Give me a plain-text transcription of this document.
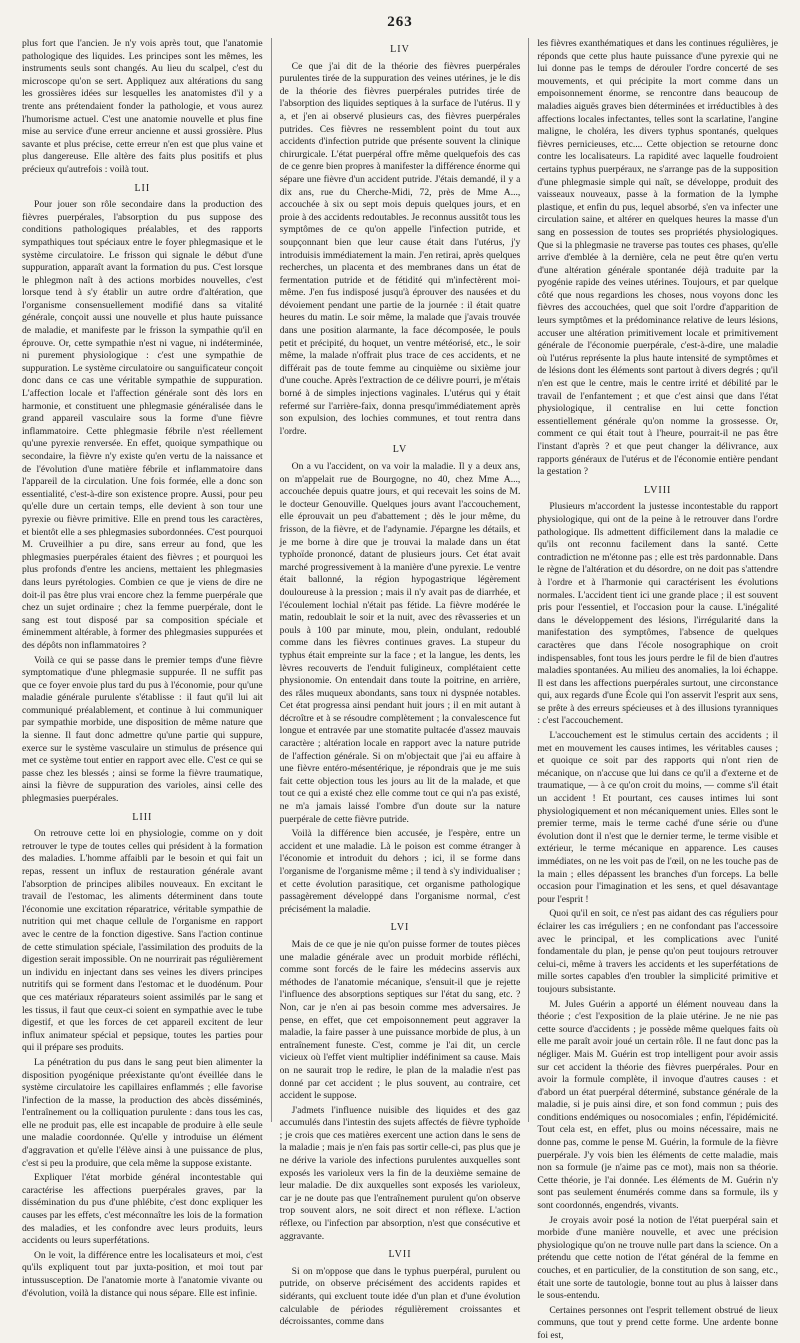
263

plus fort que l'ancien. Je n'y vois après tout, que l'anatomie pathologique des liquides. Les principes sont les mêmes, les instruments seuls sont changés. Au lieu du scalpel, c'est du microscope qu'on se sert. Appliquez aux altérations du sang les grossières idées sur lesquelles les anatomistes d'il y a trente ans prétendaient fonder la pathologie, et vous aurez l'humorisme actuel. C'est une anatomie nouvelle et plus fine mise au service d'une erreur ancienne et aussi grossière. Plus savante et plus précise, cette erreur n'en est que plus vaine et plus dangereuse. Elle altère des faits plus positifs et plus précieux qu'autrefois : voilà tout.

LII

Pour jouer son rôle secondaire dans la production des fièvres puerpérales, l'absorption du pus suppose des conditions pathologiques préalables, et des rapports sympathiques tout spéciaux entre le foyer phlegmasique et le système circulatoire. Le frisson qui signale le début d'une suppuration, apparaît avant la formation du pus. C'est lorsque le phlegmon naît à des actions morbides nouvelles, c'est lorsque tend à s'y établir un autre ordre d'altération, que l'organisme consensuellement modifié dans sa vitalité générale, conçoit aussi une nouvelle et plus haute puissance de maladie, et manifeste par le frisson la sympathie qu'il en éprouve. Or, cette sympathie n'est ni vague, ni indéterminée, ni purement physiologique : c'est une sympathie de suppuration. Le système circulatoire ou sanguificateur conçoit donc dans ce cas une véritable sympathie de suppuration. L'affection locale et l'affection générale sont dès lors en harmonie, et constituent une phlegmasie généralisée dans le grand appareil vasculaire sous la forme d'une fièvre inflammatoire. Cette phlegmasie fébrile n'est réellement qu'une pyrexie renversée. En effet, quoique sympathique ou secondaire, la fièvre n'y existe qu'en vertu de la naissance et de l'évolution d'une matière fébrile et inflammatoire dans l'appareil de la circulation. Une fois formée, elle a donc son essentialité, c'est-à-dire son existence propre. Aussi, pour peu qu'elle dure un certain temps, elle devient à son tour une pyrexie ou fièvre primitive. Elle en prend tous les caractères, et bientôt elle a ses phlegmasies subordonnées. C'est pourquoi M. Cruveilhier a pu dire, sans erreur au fond, que les phlegmasies puerpérales étaient des fièvres ; et pourquoi les plus profonds d'entre les anciens, mettaient les phlegmasies dans leurs pyrétologies. Combien ce que je viens de dire ne doit-il pas être plus vrai encore chez la femme puerpérale que chez un sujet ordinaire ; chez la femme puerpérale, dont le sang est tout disposé par sa composition spéciale et éminemment altérable, à former des phlegmasies suppurées et des dépôts non inflammatoires ?

Voilà ce qui se passe dans le premier temps d'une fièvre symptomatique d'une phlegmasie suppurée. Il ne suffit pas que ce foyer envoie plus tard du pus à l'économie, pour qu'une maladie générale purulente s'établisse : il faut qu'il lui ait communiqué préalablement, et continue à lui communiquer par sympathie morbide, une disposition de même nature que la sienne. Il faut donc admettre qu'une partie qui suppure, exerce sur le système vasculaire un stimulus de présence qui met ce système tout entier en rapport avec elle. C'est ce qui se passe chez les blessés ; ainsi se forme la fièvre traumatique, ainsi la fièvre de suppuration des varioles, ainsi celle des phlegmasies puerpérales.

LIII

On retrouve cette loi en physiologie, comme on y doit retrouver le type de toutes celles qui président à la formation des maladies. L'homme affaibli par le besoin et qui fait un repas, ressent un influx de restauration générale avant l'absorption de principes alibiles nouveaux. En excitant le travail de l'estomac, les aliments déterminent dans toute l'économie une excitation réparatrice, véritable sympathie de nutrition qui met chaque cellule de l'organisme en rapport avec le centre de la fonction digestive. Sans l'action continue de cette stimulation spéciale, l'assimilation des produits de la digestion serait impossible. On ne nourrirait pas régulièrement un individu en injectant dans ses veines les divers principes nutritifs qui se forment dans l'estomac et le duodénum. Pour que ces matériaux réparateurs soient assimilés par le sang et les tissus, il faut que ceux-ci soient en sympathie avec le tube digestif, et que les forces de cet appareil excitent de leur influx animateur spécial et pepsique, toutes les parties pour qui il prépare ses produits.

La pénétration du pus dans le sang peut bien alimenter la disposition pyogénique préexistante qu'ont éveillée dans le système circulatoire les capillaires enflammés ; elle favorise l'infection de la masse, la production des abcès disséminés, l'entraînement ou la colliquation purulente : dans tous les cas, elle ne produit pas, elle est incapable de produire à elle seule une maladie coordonnée. Qu'elle y introduise un élément d'aggravation et qu'elle l'élève ainsi à une puissance de plus, c'est si peu la produire, que cela même la suppose existante.

Expliquer l'état morbide général incontestable qui caractérise les affections puerpérales graves, par la dissémination du pus d'une phlébite, c'est donc expliquer les causes par les effets, c'est méconnaître les lois de la formation des maladies, et les confondre avec leurs produits, leurs accidents ou leurs superfétations.

On le voit, la différence entre les localisateurs et moi, c'est qu'ils expliquent tout par juxta-position, et moi tout par intussusception. De l'anatomie morte à l'anatomie vivante ou d'évolution, voilà la distance qui nous sépare. Elle est infinie.

LIV

Ce que j'ai dit de la théorie des fièvres puerpérales purulentes tirée de la suppuration des veines utérines, je le dis de la théorie des fièvres puerpérales putrides tirée de l'absorption des liquides septiques à la surface de l'utérus. Il y a, et j'en ai observé plusieurs cas, des fièvres puerpérales putrides. Ces fièvres ne ressemblent point du tout aux accidents d'infection putride que présente souvent la clinique chirurgicale. L'état puerpéral offre même quelquefois des cas de ce genre bien propres à manifester la différence énorme qui sépare une fièvre d'un accident putride. J'étais demandé, il y a dix ans, rue du Cherche-Midi, 72, près de Mme A..., accouchée à six ou sept mois depuis quelques jours, et en proie à des accidents redoutables. Je reconnus aussitôt tous les symptômes de ce qu'on appelle l'infection putride, et soupçonnant bien que leur cause était dans l'utérus, j'y introduisis immédiatement la main. J'en retirai, après quelques recherches, un placenta et des membranes dans un état de fermentation putride et de fétidité qui m'infectèrent moi-même. J'en fus indisposé jusqu'à éprouver des nausées et du dévoiement pendant une partie de la journée : il était quatre heures du matin. Le soir même, la malade que j'avais trouvée dans une position alarmante, la face décomposée, le pouls petit et précipité, du hoquet, un ventre météorisé, etc., le soir même, la malade n'offrait plus trace de ces accidents, et ne différait pas de toute femme au cinquième ou sixième jour d'une couche. Après l'extraction de ce délivre pourri, je m'étais borné à de simples injections vaginales. L'utérus qui y était refermé sur l'arrière-faix, donna presqu'immédiatement après son expulsion, des lochies communes, et tout rentra dans l'ordre.

LV

On a vu l'accident, on va voir la maladie. Il y a deux ans, on m'appelait rue de Bourgogne, no 40, chez Mme A..., accouchée depuis quatre jours, et qui recevait les soins de M. le docteur Genouville. Quelques jours avant l'accouchement, elle éprouvait un peu d'abattement ; dès le jour même, du frisson, de la fièvre, et de l'adynamie. J'épargne les détails, et je me borne à dire que je trouvai la malade dans un état typhoïde prononcé, datant de plusieurs jours. Cet état avait marché progressivement à la manière d'une pyrexie. Le ventre était ballonné, la région hypogastrique légèrement douloureuse à la pression ; mais il n'y avait pas de diarrhée, et l'écoulement lochial n'était pas fétide. La fièvre modérée le matin, redoublait le soir et la nuit, avec des rêvasseries et un pouls à 100 par minute, mou, plein, ondulant, redoublé comme dans les fièvres continues graves. La stupeur du typhus était empreinte sur la face ; et la langue, les dents, les lèvres recouverts de l'enduit fuligineux, complétaient cette physionomie. On entendait dans toute la poitrine, en arrière, des râles muqueux abondants, sans toux ni dyspnée notables. Cet état progressa ainsi pendant huit jours ; il en mit autant à décroître et à se résoudre complètement ; la convalescence fut longue et entravée par une stomatite pultacée d'assez mauvais caractère ; altération locale en rapport avec la nature putride de l'affection générale. Si on m'objectait que j'ai eu affaire à une fièvre entéro-mésentérique, je répondrais que je me suis fait cette objection tous les jours au lit de la malade, et que tout ce qui a existé chez elle comme tout ce qui n'a pas existé, ne m'a jamais laissé l'ombre d'un doute sur la nature puerpérale de cette fièvre putride.

Voilà la différence bien accusée, je l'espère, entre un accident et une maladie. Là le poison est comme étranger à l'économie et introduit du dehors ; ici, il se forme dans l'organisme de l'organisme même ; il tend à s'y individualiser ; et cette évolution parasitique, cet organisme pathologique passagèrement développé dans l'organisme normal, c'est précisément la maladie.

LVI

Mais de ce que je nie qu'on puisse former de toutes pièces une maladie générale avec un produit morbide réfléchi, comme sont forcés de le faire les médecins asservis aux méthodes de l'anatomie mécanique, s'ensuit-il que je rejette l'influence des absorptions septiques sur l'état du sang, etc. ? Non, car je n'en ai pas besoin comme mes adversaires. Je pense, en effet, que cet empoisonnement peut aggraver la maladie, la faire passer à une puissance morbide de plus, à un entraînement funeste. C'est, comme je l'ai dit, un cercle vicieux où l'effet vient multiplier indéfiniment sa cause. Mais on ne saurait trop le redire, le plan de la maladie n'est pas donné par cet accident ; le plus souvent, au contraire, cet accident le suppose.

J'admets l'influence nuisible des liquides et des gaz accumulés dans l'intestin des sujets affectés de fièvre typhoïde ; je crois que ces matières exercent une action dans le sens de la maladie ; mais je n'en fais pas sortir celle-ci, pas plus que je ne dérive la variole des infections purulentes auxquelles sont exposés les varioleux vers la fin de la deuxième semaine de leur maladie. De dix auxquelles sont exposés les varioleux, car je ne doute pas que l'entraînement purulent qu'on observe trop souvent alors, ne soit direct et non réflexe. L'action réflexe, ou l'infection par absorption, n'est que consécutive et aggravante.

LVII

Si on m'oppose que dans le typhus puerpéral, purulent ou putride, on observe précisément des accidents rapides et sidérants, qui excluent toute idée d'un plan et d'une évolution calculable de périodes régulièrement croissantes et décroissantes, comme dans

les fièvres exanthématiques et dans les continues régulières, je réponds que cette plus haute puissance d'une pyrexie qui ne lui donne pas le temps de dérouler l'ordre concerté de ses mouvements, et qui précipite la mort comme dans un empoisonnement énorme, se rencontre dans beaucoup de maladies aiguës graves bien déterminées et irréductibles à des affections locales infectantes, telles sont la scarlatine, l'angine maligne, le choléra, les divers typhus spontanés, quelques fièvres pernicieuses, etc.... Cette objection se retourne donc contre les localisateurs. La rapidité avec laquelle foudroient certains typhus puerpéraux, ne s'arrange pas de la supposition d'une phlegmasie simple qui naît, se développe, produit des vaisseaux nouveaux, passe à la formation de la lymphe plastique, et enfin du pus, lequel absorbé, s'en va infecter une circulation saine, et altérer en quelques heures la masse d'un sang en possession de toutes ses propriétés physiologiques. Que si la phlegmasie ne traverse pas toutes ces phases, qu'elle arrive d'emblée à la dernière, cela ne peut être qu'en vertu d'une altération générale spontanée déjà traduite par la pyogénie rapide des veines utérines. Toujours, et par quelque côté que nous regardions les choses, nous voyons donc les fièvres des accouchées, quel que soit l'ordre d'apparition de leurs symptômes et la prédominance relative de leurs lésions, accuser une altération primitivement locale et primitivement générale de l'économie puerpérale, c'est-à-dire, une maladie où l'utérus représente la plus haute intensité de symptômes et de lésions dont les éléments sont partout à divers degrés ; qu'il n'en est que le centre, mais le centre irrité et débilité par le travail de l'enfantement ; et que c'est ainsi que dans l'état physiologique, il centralise en lui cette fonction essentiellement générale qu'on nomme la grossesse. Or, comment ce qui était tout à l'heure, pourrait-il ne pas être l'instant d'après ? et que peut changer la délivrance, aux rapports généraux de l'utérus et de l'économie entière pendant la gestation ?

LVIII

Plusieurs m'accordent la justesse incontestable du rapport physiologique, qui ont de la peine à le retrouver dans l'ordre pathologique. Ils admettent difficilement dans la maladie ce qu'ils ont reconnu facilement dans la santé. Cette contradiction ne m'étonne pas ; elle est très pardonnable. Dans le règne de l'altération et du désordre, on ne doit pas s'attendre à l'ordre et à l'harmonie qui caractérisent les évolutions normales. L'accident tient ici une grande place ; il est souvent pris pour l'essentiel, et l'occasion pour la cause. L'inégalité dans le développement des lésions, l'irrégularité dans la manifestation des symptômes, l'absence de quelques caractères que dans l'école nosographique on croit indispensables, font tous les jours perdre le fil de bien d'autres maladies spontanées. Au milieu des anomalies, la loi échappe. Il est dans les affections puerpérales surtout, une circonstance qui, aux regards d'une École qui l'on asservit l'esprit aux sens, se prête à des erreurs spécieuses et à des illusions tyranniques : c'est l'accouchement.

L'accouchement est le stimulus certain des accidents ; il met en mouvement les causes intimes, les véritables causes ; et quoique ce soit par des rapports qui n'ont rien de mécanique, on n'accuse que lui dans ce qu'il a d'externe et de traumatique, — à ce qu'on croit du moins, — comme s'il était un accident ! Et pourtant, ces causes intimes lui sont physiologiquement et non mécaniquement unies. Elles sont le premier terme, mais le terme caché d'une série ou d'une évolution dont il n'est que le dernier terme, le terme visible et extérieur, le terme mécanique en apparence. Les causes immédiates, on ne les voit pas de l'œil, on ne les touche pas de la main ; elles dépassent les branches d'un forceps. La belle occasion pour l'imagination et les sens, et quel désavantage pour l'esprit !

Quoi qu'il en soit, ce n'est pas aidant des cas réguliers pour éclairer les cas irréguliers ; en ne confondant pas l'accessoire avec le principal, et les complications avec l'unité fondamentale du plan, je pense qu'on peut toujours retrouver celui-ci, même à travers les accidents et les superfétations de mille sortes capables d'en troubler la simplicité primitive et toujours subsistante.

M. Jules Guérin a apporté un élément nouveau dans la théorie ; c'est l'exposition de la plaie utérine. Je ne nie pas cette source d'accidents ; je possède même quelques faits où elle me paraît avoir joué un certain rôle. Il ne faut donc pas la négliger. Mais M. Guérin est trop intelligent pour avoir assis sur cet accident la théorie des fièvres puerpérales. Pour en avoir la formule complète, il invoque d'autres causes : et d'abord un état puerpéral déterminé, substance générale de la maladie, si je puis ainsi dire, et son fond commun ; puis des conditions endémiques ou nosocomiales ; enfin, l'épidémicité. Tout cela est, en effet, plus ou moins nécessaire, mais ne donne pas, comme le pense M. Guérin, la formule de la fièvre puerpérale. J'y vois bien les éléments de cette maladie, mais non sa formule (je n'aime pas ce mot), mais non sa théorie. Cette théorie, je l'ai donnée. Les éléments de M. Guérin n'y sont pas seulement énumérés comme dans sa formule, ils y sont coordonnés, engendrés, vivants.

Je croyais avoir posé la notion de l'état puerpéral sain et morbide d'une manière nouvelle, et avec une précision physiologique qu'on ne trouve nulle part dans la science. On a prétendu que cette notion de l'état général de la femme en couches, et en particulier, de la constitution de son sang, etc., était une sorte de tautologie, bonne tout au plus à laisser dans le sous-entendu.

Certaines personnes ont l'esprit tellement obstrué de lieux communs, que tout y prend cette forme. Une ardente bonne foi est,
